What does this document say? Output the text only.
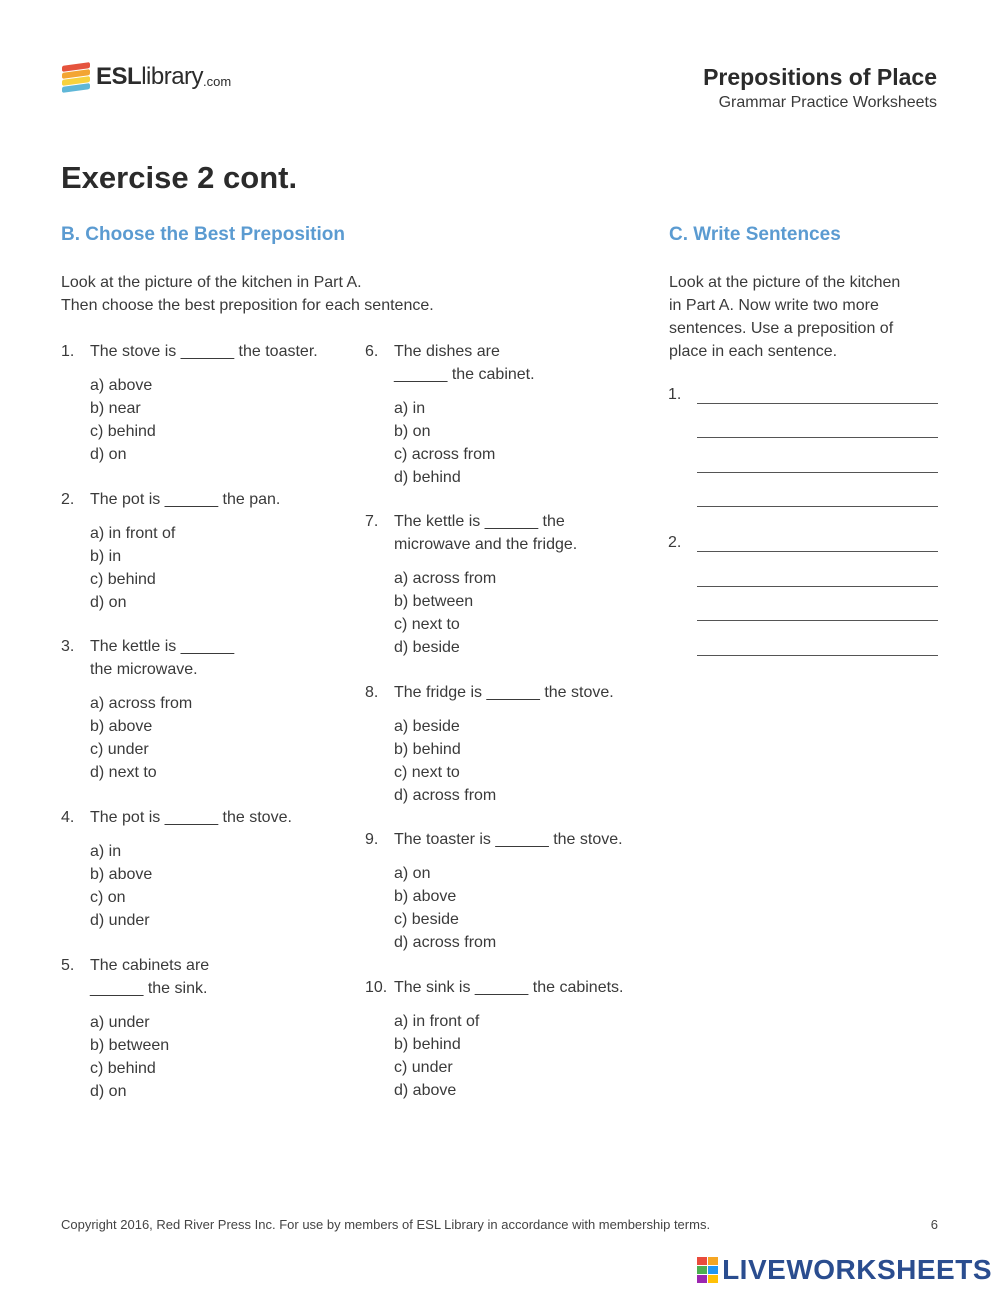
ESL library .com	Prepositions of Place
Grammar Practice Worksheets
Exercise 2 cont.
B. Choose the Best Preposition
Look at the picture of the kitchen in Part A.
Then choose the best preposition for each sentence.
1. The stove is ______ the toaster.
a) above
b) near
c) behind
d) on
2. The pot is ______ the pan.
a) in front of
b) in
c) behind
d) on
3. The kettle is ______
the microwave.
a) across from
b) above
c) under
d) next to
4. The pot is ______ the stove.
a) in
b) above
c) on
d) under
5. The cabinets are
______ the sink.
a) under
b) between
c) behind
d) on
6. The dishes are
______ the cabinet.
a) in
b) on
c) across from
d) behind
7. The kettle is ______ the
microwave and the fridge.
a) across from
b) between
c) next to
d) beside
8. The fridge is ______ the stove.
a) beside
b) behind
c) next to
d) across from
9. The toaster is ______ the stove.
a) on
b) above
c) beside
d) across from
10. The sink is ______ the cabinets.
a) in front of
b) behind
c) under
d) above
C. Write Sentences
Look at the picture of the kitchen
in Part A. Now write two more
sentences. Use a preposition of
place in each sentence.
1.
2.
Copyright 2016, Red River Press Inc. For use by members of ESL Library in accordance with membership terms.	6
LIVEWORKSHEETS
